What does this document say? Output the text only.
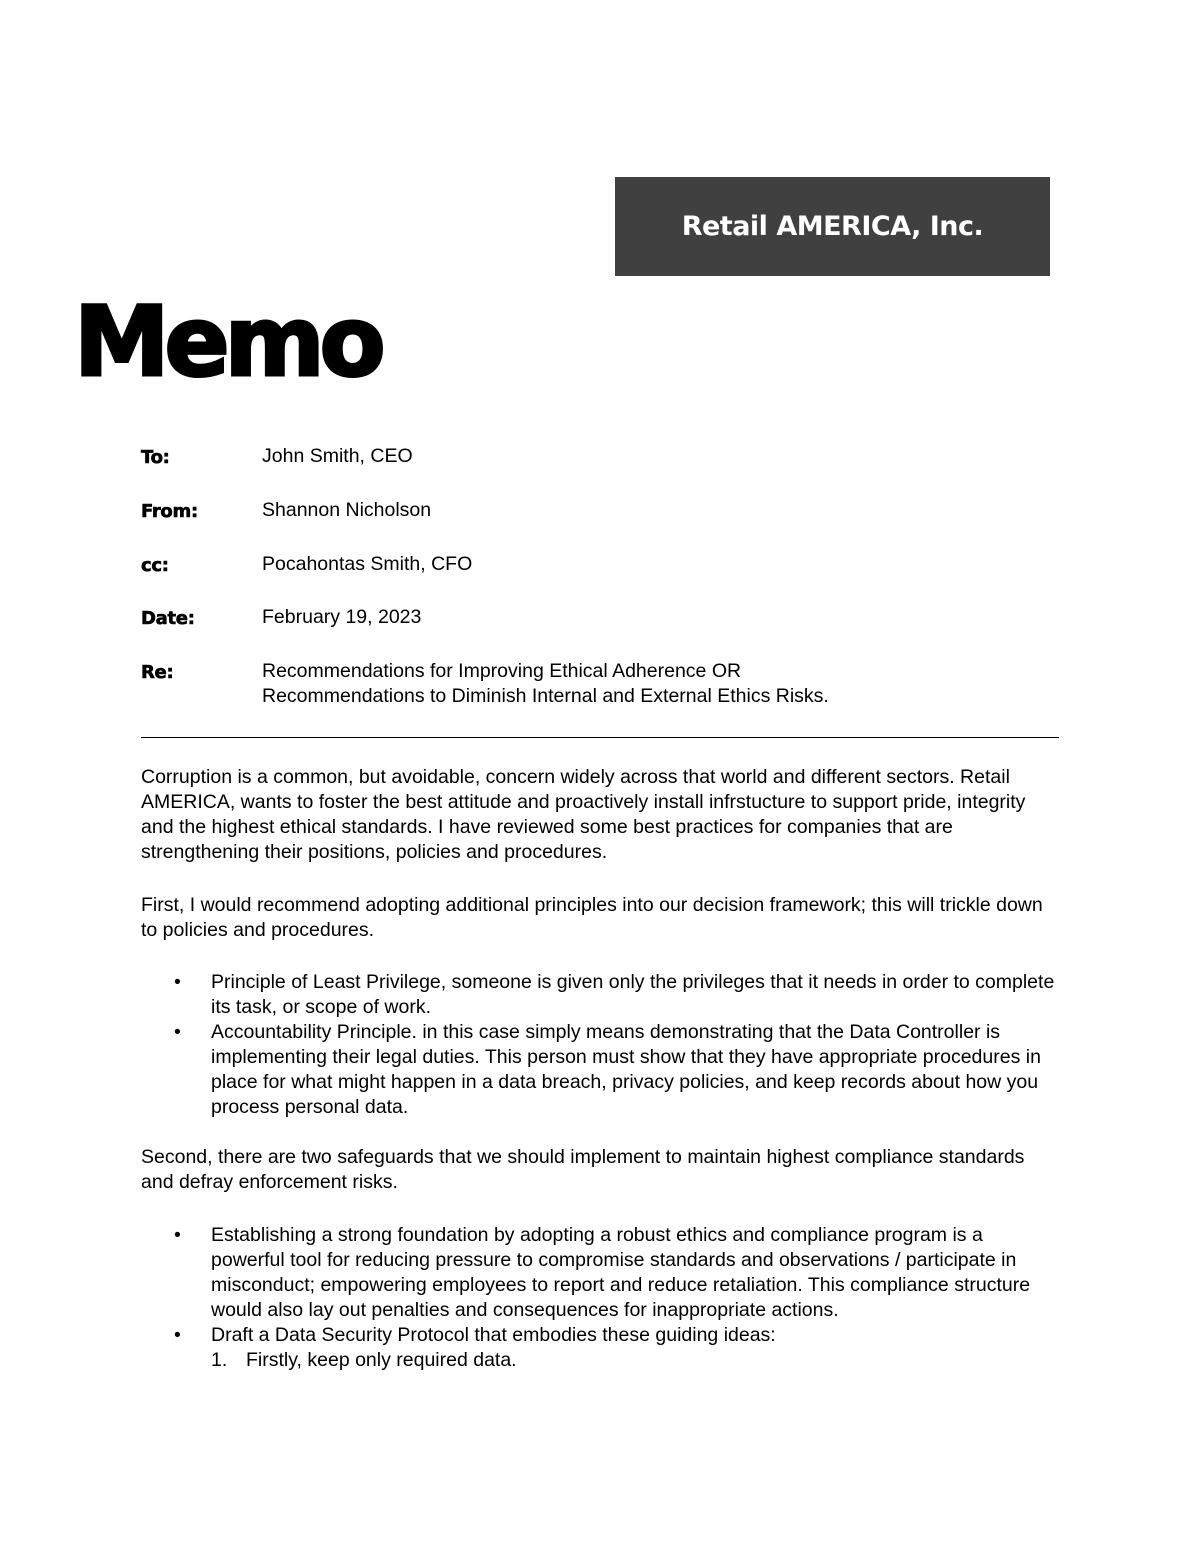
Retail AMERICA, Inc.
Memo
To:	John Smith, CEO
From:	Shannon Nicholson
cc:	Pocahontas Smith, CFO
Date:	February 19, 2023
Re:	Recommendations for Improving Ethical Adherence OR
Recommendations to Diminish Internal and External Ethics Risks.

Corruption is a common, but avoidable, concern widely across that world and different sectors. Retail AMERICA, wants to foster the best attitude and proactively install infrstucture to support pride, integrity and the highest ethical standards. I have reviewed some best practices for companies that are strengthening their positions, policies and procedures.

First, I would recommend adopting additional principles into our decision framework; this will trickle down to policies and procedures.

• Principle of Least Privilege, someone is given only the privileges that it needs in order to complete its task, or scope of work.
• Accountability Principle. in this case simply means demonstrating that the Data Controller is implementing their legal duties. This person must show that they have appropriate procedures in place for what might happen in a data breach, privacy policies, and keep records about how you process personal data.

Second, there are two safeguards that we should implement to maintain highest compliance standards and defray enforcement risks.

• Establishing a strong foundation by adopting a robust ethics and compliance program is a powerful tool for reducing pressure to compromise standards and observations / participate in misconduct; empowering employees to report and reduce retaliation. This compliance structure would also lay out penalties and consequences for inappropriate actions.
• Draft a Data Security Protocol that embodies these guiding ideas:
1. Firstly, keep only required data.
